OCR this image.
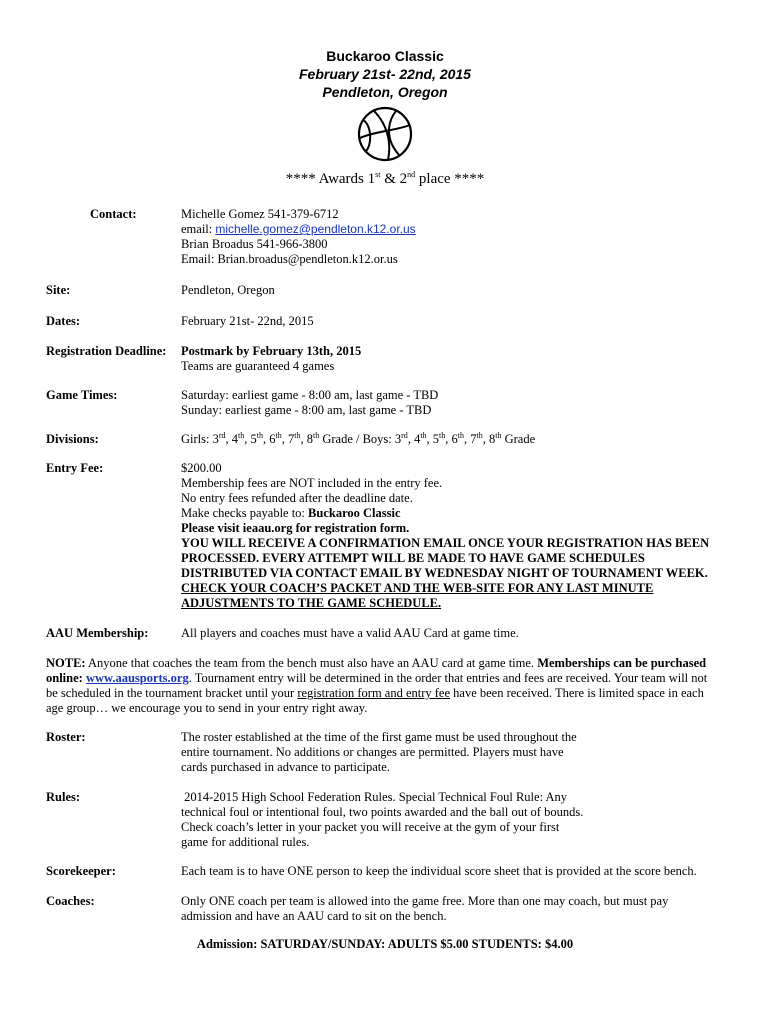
Buckaroo Classic
February 21st- 22nd, 2015
Pendleton, Oregon
**** Awards 1st & 2nd place ****
Contact:	Michelle Gomez 541-379-6712
email: michelle.gomez@pendleton.k12.or.us
Brian Broadus 541-966-3800
Email: Brian.broadus@pendleton.k12.or.us
Site:	Pendleton, Oregon
Dates:	February 21st- 22nd, 2015
Registration Deadline: Postmark by February 13th, 2015
Teams are guaranteed 4 games
Game Times:	Saturday: earliest game - 8:00 am, last game - TBD
Sunday: earliest game - 8:00 am, last game - TBD
Divisions:	Girls: 3rd, 4th, 5th, 6th, 7th, 8th Grade / Boys: 3rd, 4th, 5th, 6th, 7th, 8th Grade
Entry Fee:	$200.00
Membership fees are NOT included in the entry fee.
No entry fees refunded after the deadline date.
Make checks payable to: Buckaroo Classic
Please visit ieaau.org for registration form.
YOU WILL RECEIVE A CONFIRMATION EMAIL ONCE YOUR REGISTRATION HAS BEEN
PROCESSED. EVERY ATTEMPT WILL BE MADE TO HAVE GAME SCHEDULES
DISTRIBUTED VIA CONTACT EMAIL BY WEDNESDAY NIGHT OF TOURNAMENT WEEK.
CHECK YOUR COACH’S PACKET AND THE WEB-SITE FOR ANY LAST MINUTE
ADJUSTMENTS TO THE GAME SCHEDULE.
AAU Membership:	All players and coaches must have a valid AAU Card at game time.
NOTE: Anyone that coaches the team from the bench must also have an AAU card at game time. Memberships can be purchased
online: www.aausports.org. Tournament entry will be determined in the order that entries and fees are received. Your team will not
be scheduled in the tournament bracket until your registration form and entry fee have been received. There is limited space in each
age group… we encourage you to send in your entry right away.
Roster:	The roster established at the time of the first game must be used throughout the
entire tournament. No additions or changes are permitted. Players must have
cards purchased in advance to participate.
Rules:	2014-2015 High School Federation Rules. Special Technical Foul Rule: Any
technical foul or intentional foul, two points awarded and the ball out of bounds.
Check coach’s letter in your packet you will receive at the gym of your first
game for additional rules.
Scorekeeper:	Each team is to have ONE person to keep the individual score sheet that is provided at the score bench.
Coaches:	Only ONE coach per team is allowed into the game free. More than one may coach, but must pay
admission and have an AAU card to sit on the bench.
Admission: SATURDAY/SUNDAY: ADULTS $5.00 STUDENTS: $4.00
